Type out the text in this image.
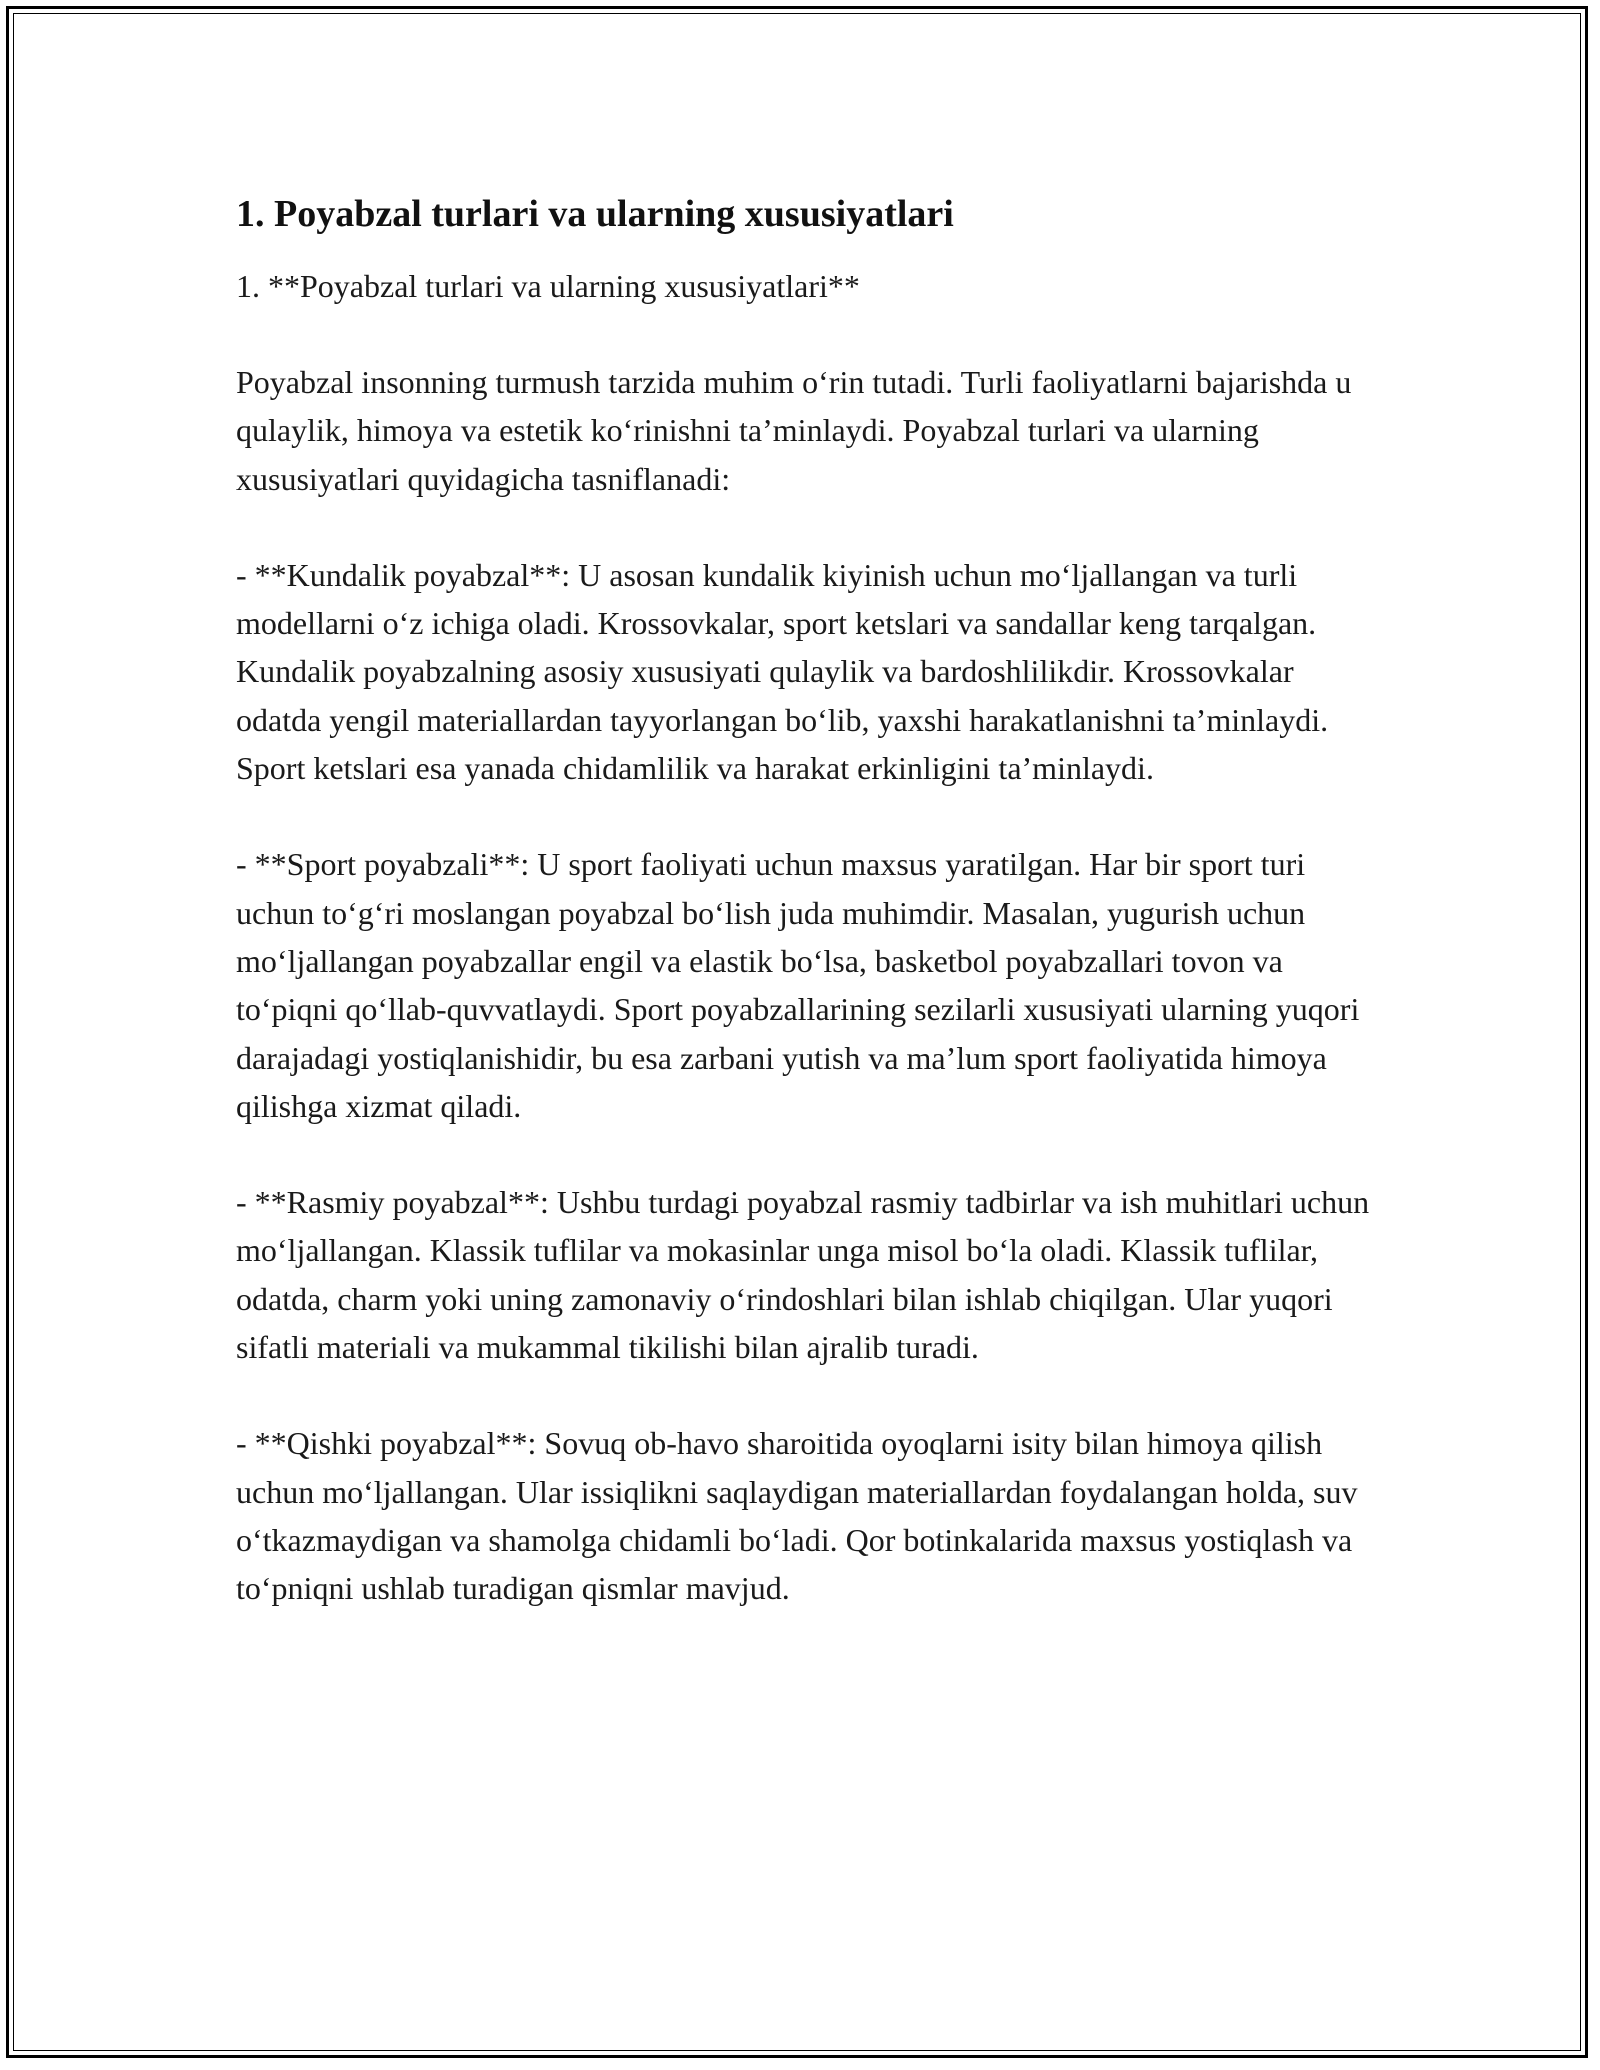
1. Poyabzal turlari va ularning xususiyatlari

1. **Poyabzal turlari va ularning xususiyatlari**

Poyabzal insonning turmush tarzida muhim o‘rin tutadi. Turli faoliyatlarni bajarishda u qulaylik, himoya va estetik ko‘rinishni ta’minlaydi. Poyabzal turlari va ularning xususiyatlari quyidagicha tasniflanadi:

- **Kundalik poyabzal**: U asosan kundalik kiyinish uchun mo‘ljallangan va turli modellarni o‘z ichiga oladi. Krossovkalar, sport ketslari va sandallar keng tarqalgan. Kundalik poyabzalning asosiy xususiyati qulaylik va bardoshlilikdir. Krossovkalar odatda yengil materiallardan tayyorlangan bo‘lib, yaxshi harakatlanishni ta’minlaydi. Sport ketslari esa yanada chidamlilik va harakat erkinligini ta’minlaydi.

- **Sport poyabzali**: U sport faoliyati uchun maxsus yaratilgan. Har bir sport turi uchun to‘g‘ri moslangan poyabzal bo‘lish juda muhimdir. Masalan, yugurish uchun mo‘ljallangan poyabzallar engil va elastik bo‘lsa, basketbol poyabzallari tovon va to‘piqni qo‘llab-quvvatlaydi. Sport poyabzallarining sezilarli xususiyati ularning yuqori darajadagi yostiqlanishidir, bu esa zarbani yutish va ma’lum sport faoliyatida himoya qilishga xizmat qiladi.

- **Rasmiy poyabzal**: Ushbu turdagi poyabzal rasmiy tadbirlar va ish muhitlari uchun mo‘ljallangan. Klassik tuflilar va mokasinlar unga misol bo‘la oladi. Klassik tuflilar, odatda, charm yoki uning zamonaviy o‘rindoshlari bilan ishlab chiqilgan. Ular yuqori sifatli materiali va mukammal tikilishi bilan ajralib turadi.

- **Qishki poyabzal**: Sovuq ob-havo sharoitida oyoqlarni isity bilan himoya qilish uchun mo‘ljallangan. Ular issiqlikni saqlaydigan materiallardan foydalangan holda, suv o‘tkazmaydigan va shamolga chidamli bo‘ladi. Qor botinkalarida maxsus yostiqlash va to‘pniqni ushlab turadigan qismlar mavjud.
